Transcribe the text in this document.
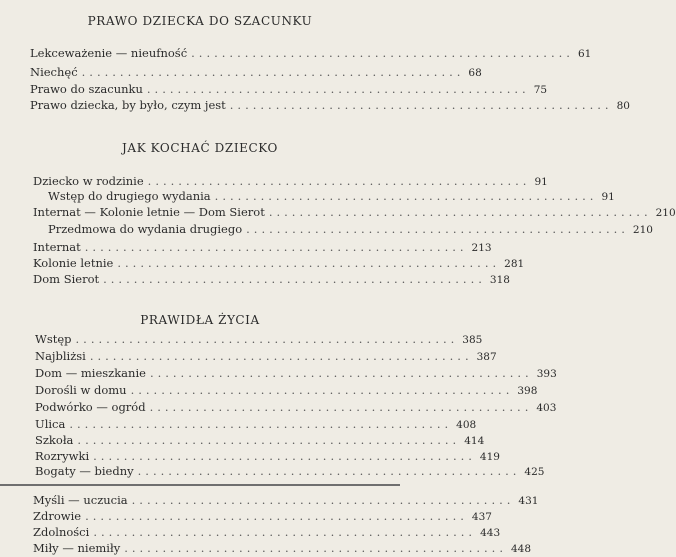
PRAWO DZIECKA DO SZACUNKU
Lekceważenie — nieufność .................................................. 61
Niechęć .................................................. 68
Prawo do szacunku .................................................. 75
Prawo dziecka, by było, czym jest .................................................. 80
JAK KOCHAĆ DZIECKO
Dziecko w rodzinie .................................................. 91
Wstęp do drugiego wydania .................................................. 91
Internat — Kolonie letnie — Dom Sierot .................................................. 210
Przedmowa do wydania drugiego .................................................. 210
Internat .................................................. 213
Kolonie letnie .................................................. 281
Dom Sierot .................................................. 318
PRAWIDŁA ŻYCIA
Wstęp .................................................. 385
Najbliżsi .................................................. 387
Dom — mieszkanie .................................................. 393
Dorośli w domu .................................................. 398
Podwórko — ogród .................................................. 403
Ulica .................................................. 408
Szkoła .................................................. 414
Rozrywki .................................................. 419
Bogaty — biedny .................................................. 425
Myśli — uczucia .................................................. 431
Zdrowie .................................................. 437
Zdolności .................................................. 443
Miły — niemiły .................................................. 448
